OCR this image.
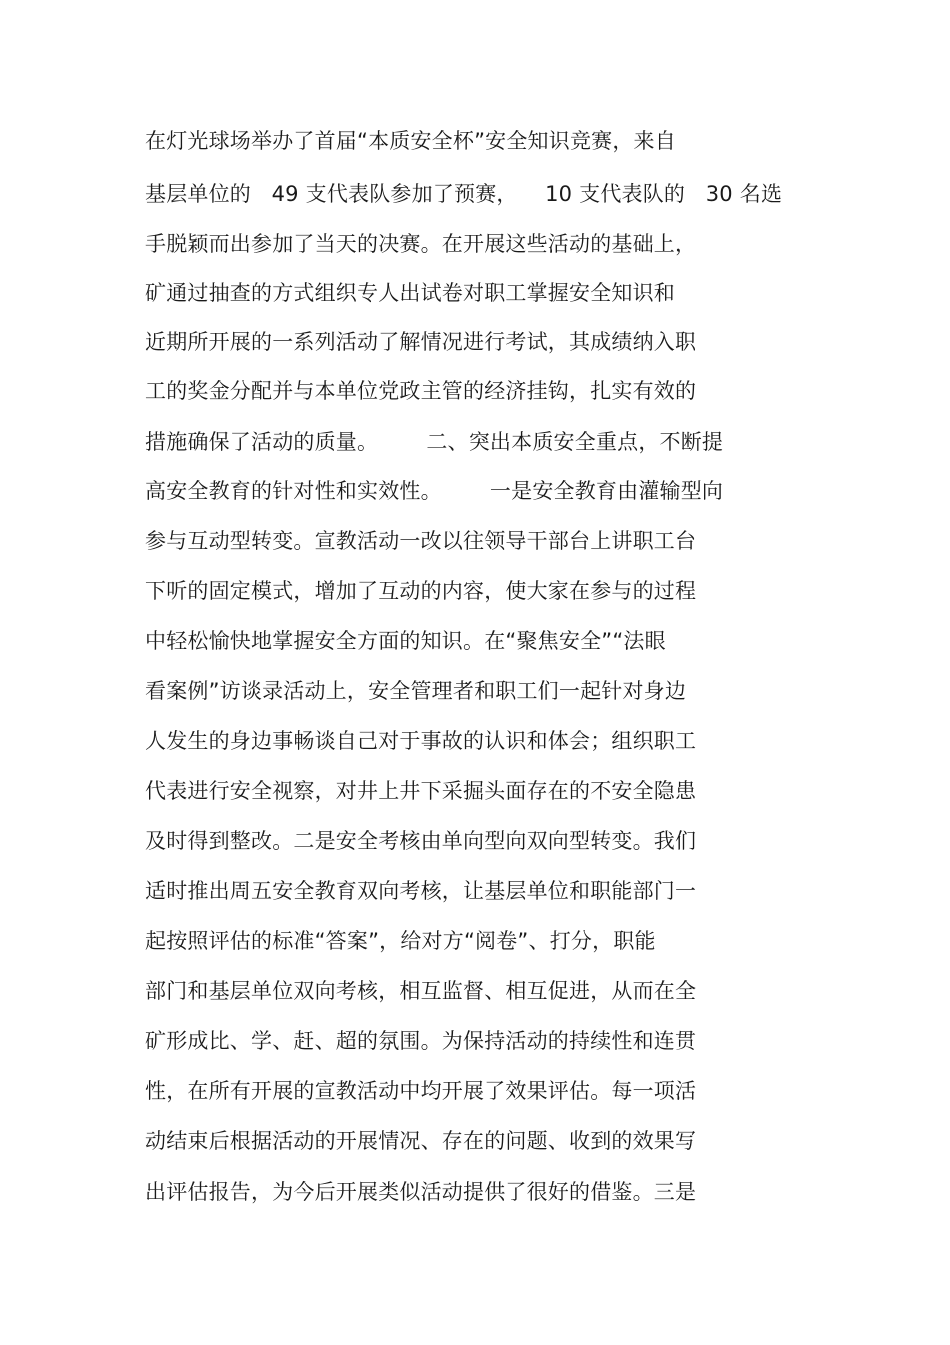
在灯光球场举办了首届“本质安全杯”安全知识竞赛，来自
基层单位的   49 支代表队参加了预赛，    10 支代表队的   30 名选
手脱颖而出参加了当天的决赛。在开展这些活动的基础上，
矿通过抽查的方式组织专人出试卷对职工掌握安全知识和
近期所开展的一系列活动了解情况进行考试，其成绩纳入职
工的奖金分配并与本单位党政主管的经济挂钩，扎实有效的
措施确保了活动的质量。       二、突出本质安全重点，不断提
高安全教育的针对性和实效性。       一是安全教育由灌输型向
参与互动型转变。宣教活动一改以往领导干部台上讲职工台
下听的固定模式，增加了互动的内容，使大家在参与的过程
中轻松愉快地掌握安全方面的知识。在“聚焦安全”“法眼
看案例”访谈录活动上，安全管理者和职工们一起针对身边
人发生的身边事畅谈自己对于事故的认识和体会；组织职工
代表进行安全视察，对井上井下采掘头面存在的不安全隐患
及时得到整改。二是安全考核由单向型向双向型转变。我们
适时推出周五安全教育双向考核，让基层单位和职能部门一
起按照评估的标准“答案”，给对方“阅卷”、打分，职能
部门和基层单位双向考核，相互监督、相互促进，从而在全
矿形成比、学、赶、超的氛围。为保持活动的持续性和连贯
性，在所有开展的宣教活动中均开展了效果评估。每一项活
动结束后根据活动的开展情况、存在的问题、收到的效果写
出评估报告，为今后开展类似活动提供了很好的借鉴。三是
